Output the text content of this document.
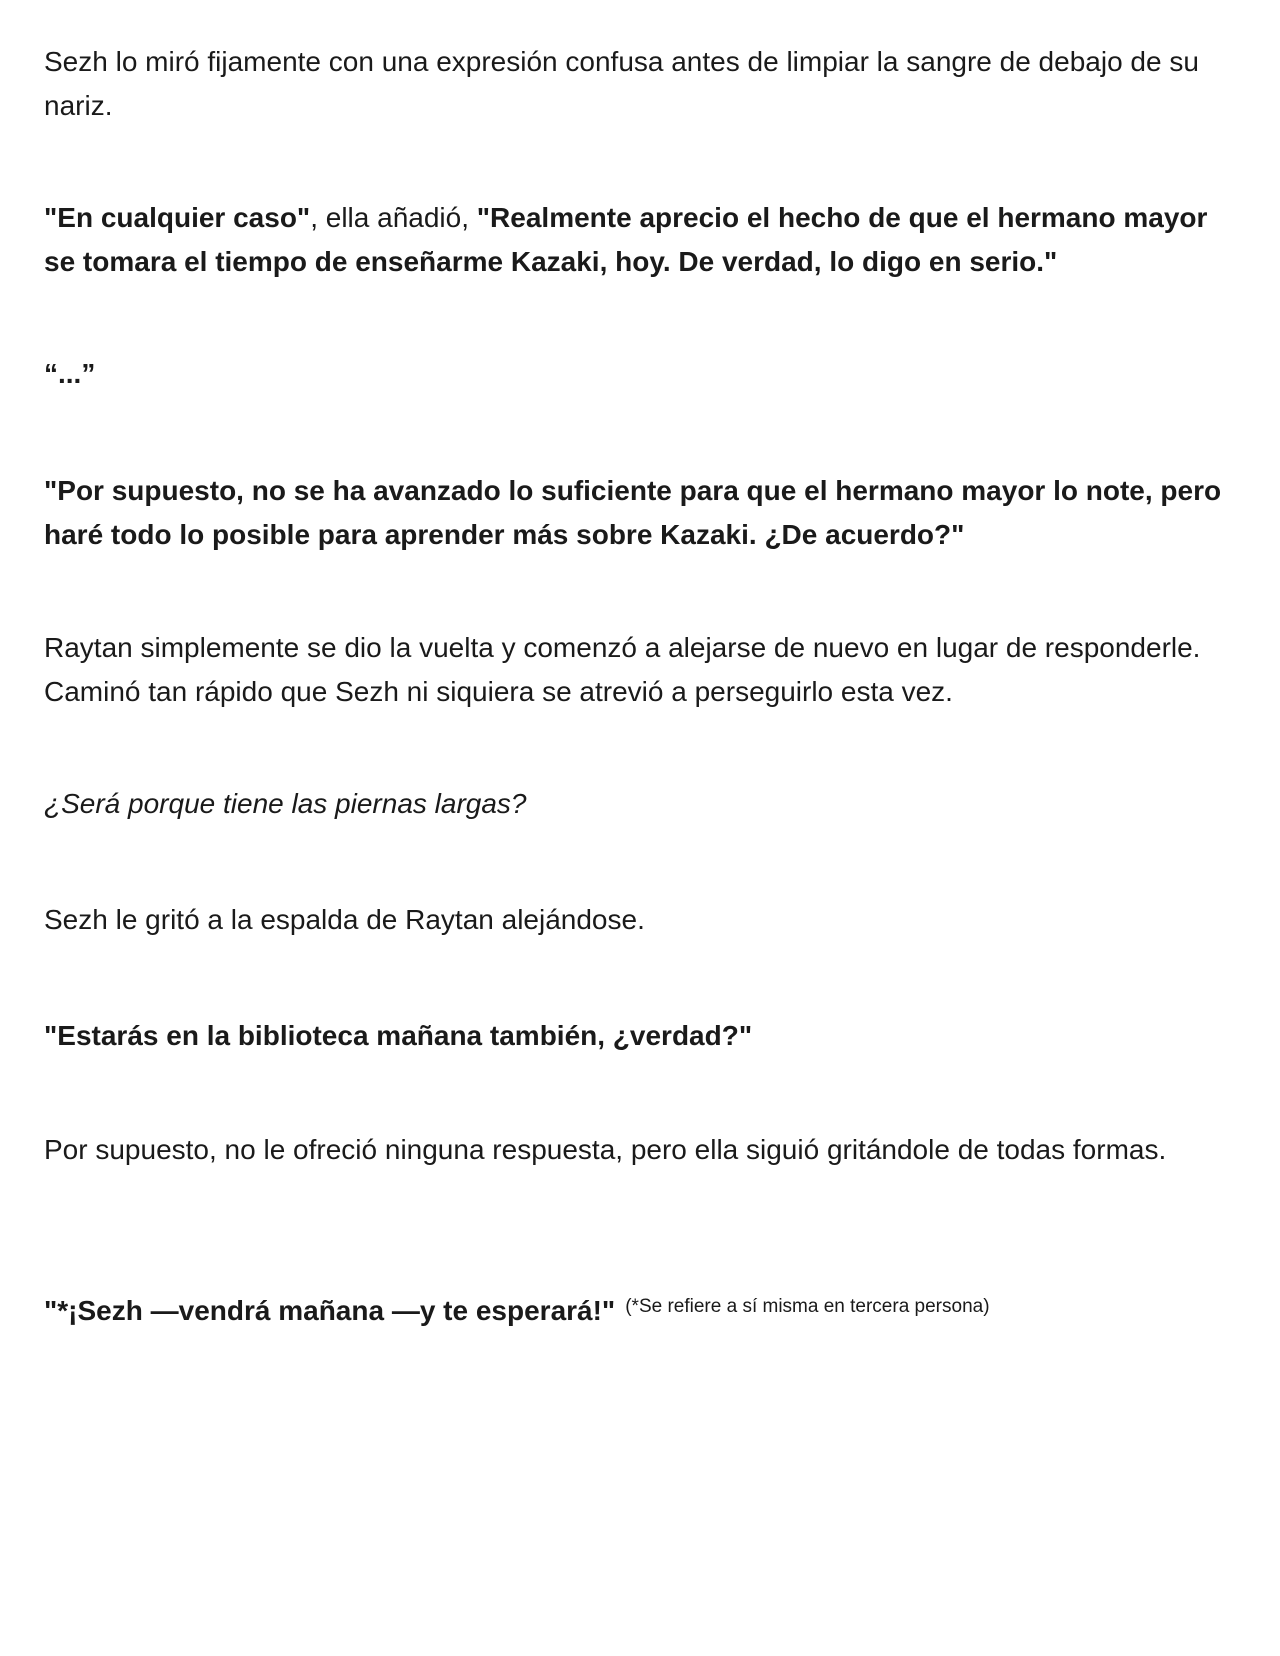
Sezh lo miró fijamente con una expresión confusa antes de limpiar la sangre de debajo de su nariz.

"En cualquier caso", ella añadió, "Realmente aprecio el hecho de que el hermano mayor se tomara el tiempo de enseñarme Kazaki, hoy. De verdad, lo digo en serio."

“...”

"Por supuesto, no se ha avanzado lo suficiente para que el hermano mayor lo note, pero haré todo lo posible para aprender más sobre Kazaki. ¿De acuerdo?"

Raytan simplemente se dio la vuelta y comenzó a alejarse de nuevo en lugar de responderle. Caminó tan rápido que Sezh ni siquiera se atrevió a perseguirlo esta vez.

¿Será porque tiene las piernas largas?

Sezh le gritó a la espalda de Raytan alejándose.

"Estarás en la biblioteca mañana también, ¿verdad?"

Por supuesto, no le ofreció ninguna respuesta, pero ella siguió gritándole de todas formas.

"*¡Sezh —vendrá mañana —y te esperará!" $^{(*Se refiere a sí misma en tercera persona)}$
